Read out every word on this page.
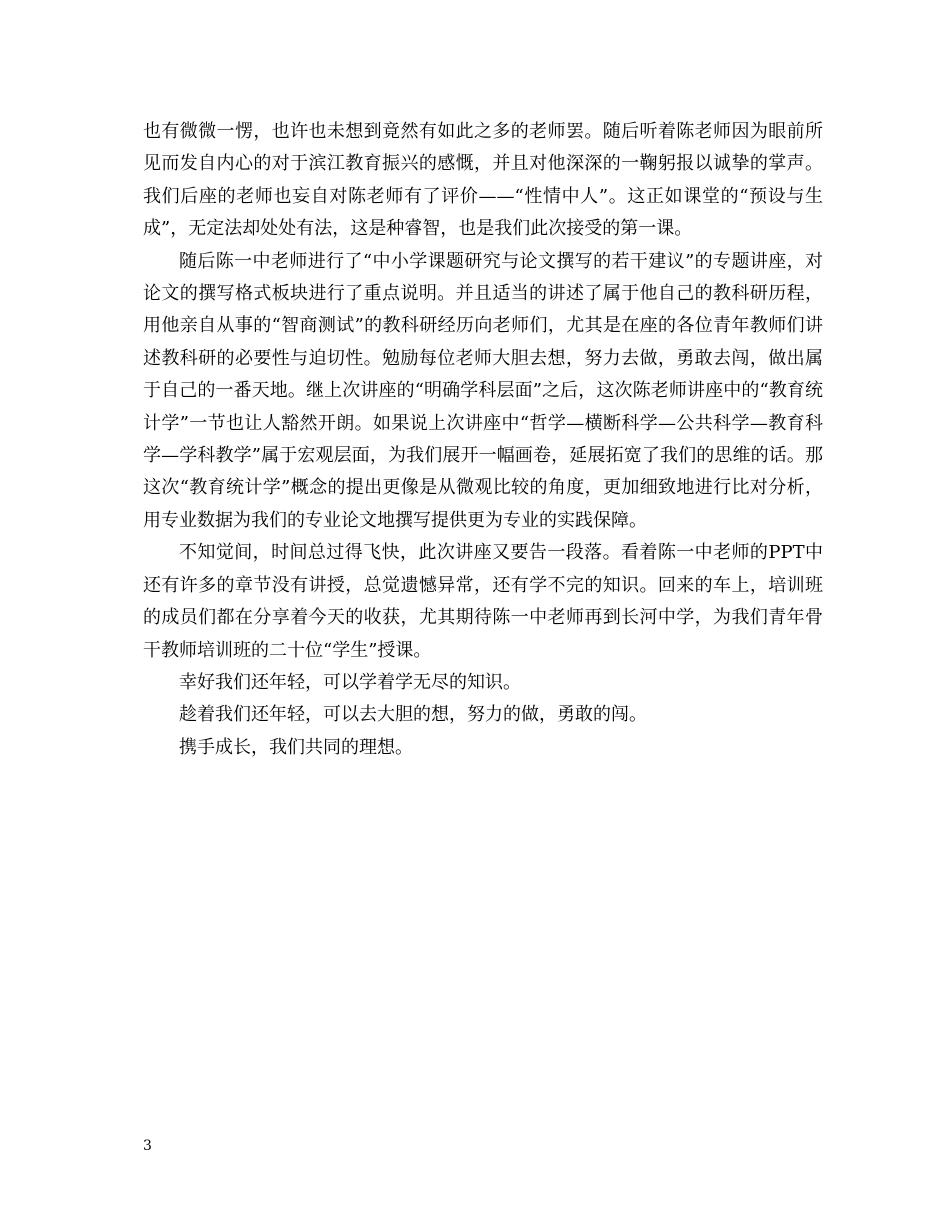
也有微微一愣，也许也未想到竟然有如此之多的老师罢。随后听着陈老师因为眼前所见而发自内心的对于滨江教育振兴的感慨，并且对他深深的一鞠躬报以诚挚的掌声。我们后座的老师也妄自对陈老师有了评价——“性情中人”。这正如课堂的“预设与生成”，无定法却处处有法，这是种睿智，也是我们此次接受的第一课。

随后陈一中老师进行了“中小学课题研究与论文撰写的若干建议”的专题讲座，对论文的撰写格式板块进行了重点说明。并且适当的讲述了属于他自己的教科研历程，用他亲自从事的“智商测试”的教科研经历向老师们，尤其是在座的各位青年教师们讲述教科研的必要性与迫切性。勉励每位老师大胆去想，努力去做，勇敢去闯，做出属于自己的一番天地。继上次讲座的“明确学科层面”之后，这次陈老师讲座中的“教育统计学”一节也让人豁然开朗。如果说上次讲座中“哲学—横断科学—公共科学—教育科学—学科教学”属于宏观层面，为我们展开一幅画卷，延展拓宽了我们的思维的话。那这次“教育统计学”概念的提出更像是从微观比较的角度，更加细致地进行比对分析，用专业数据为我们的专业论文地撰写提供更为专业的实践保障。

不知觉间，时间总过得飞快，此次讲座又要告一段落。看着陈一中老师的PPT中还有许多的章节没有讲授，总觉遗憾异常，还有学不完的知识。回来的车上，培训班的成员们都在分享着今天的收获，尤其期待陈一中老师再到长河中学，为我们青年骨干教师培训班的二十位“学生”授课。

幸好我们还年轻，可以学着学无尽的知识。

趁着我们还年轻，可以去大胆的想，努力的做，勇敢的闯。

携手成长，我们共同的理想。

3
